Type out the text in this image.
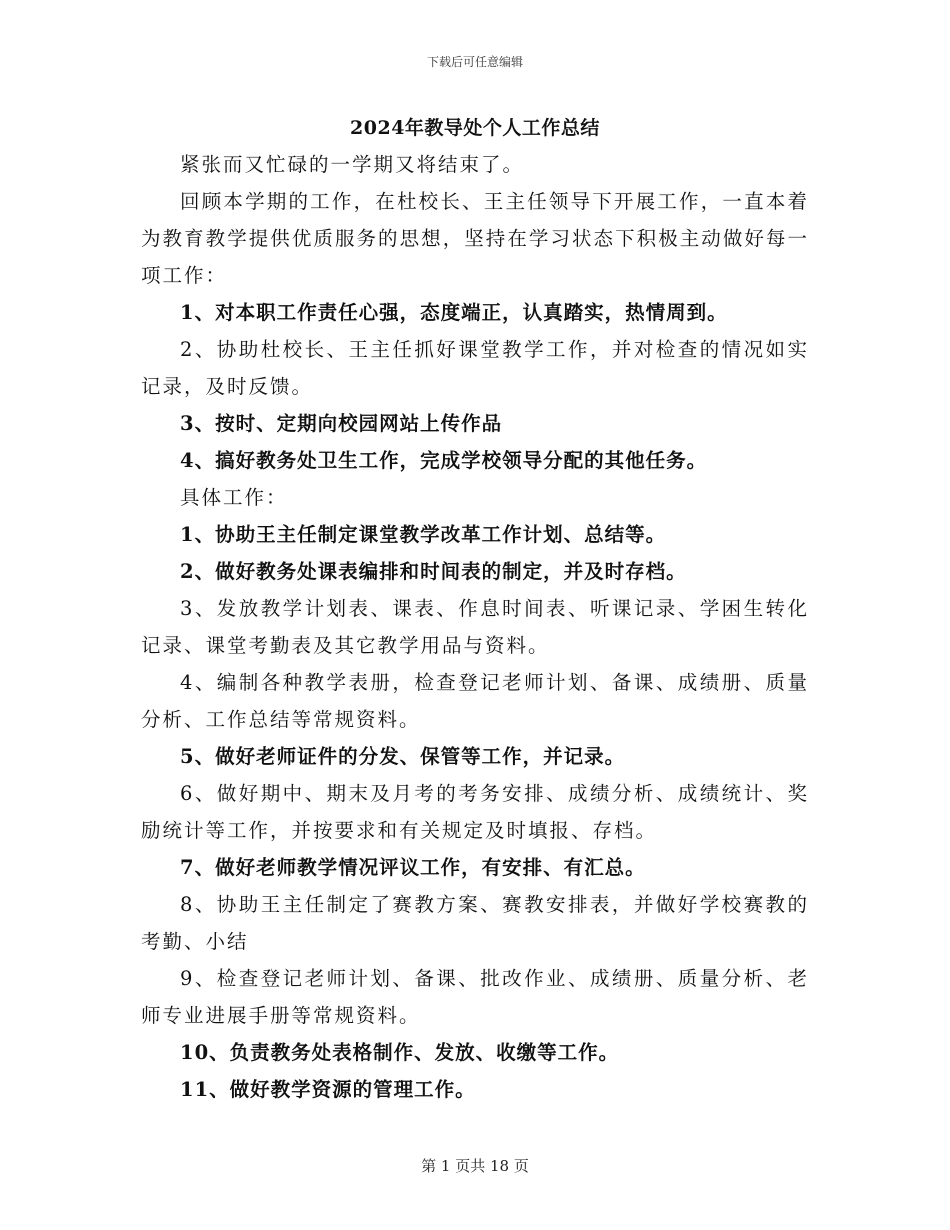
下载后可任意编辑
2024年教导处个人工作总结

紧张而又忙碌的一学期又将结束了。

回顾本学期的工作，在杜校长、王主任领导下开展工作，一直本着为教育教学提供优质服务的思想，坚持在学习状态下积极主动做好每一项工作：

1、对本职工作责任心强，态度端正，认真踏实，热情周到。

2、协助杜校长、王主任抓好课堂教学工作，并对检查的情况如实记录，及时反馈。

3、按时、定期向校园网站上传作品

4、搞好教务处卫生工作，完成学校领导分配的其他任务。

具体工作：

1、协助王主任制定课堂教学改革工作计划、总结等。

2、做好教务处课表编排和时间表的制定，并及时存档。

3、发放教学计划表、课表、作息时间表、听课记录、学困生转化记录、课堂考勤表及其它教学用品与资料。

4、编制各种教学表册，检查登记老师计划、备课、成绩册、质量分析、工作总结等常规资料。

5、做好老师证件的分发、保管等工作，并记录。

6、做好期中、期末及月考的考务安排、成绩分析、成绩统计、奖励统计等工作，并按要求和有关规定及时填报、存档。

7、做好老师教学情况评议工作，有安排、有汇总。

8、协助王主任制定了赛教方案、赛教安排表，并做好学校赛教的考勤、小结

9、检查登记老师计划、备课、批改作业、成绩册、质量分析、老师专业进展手册等常规资料。

10、负责教务处表格制作、发放、收缴等工作。

11、做好教学资源的管理工作。

第 1 页共 18 页
